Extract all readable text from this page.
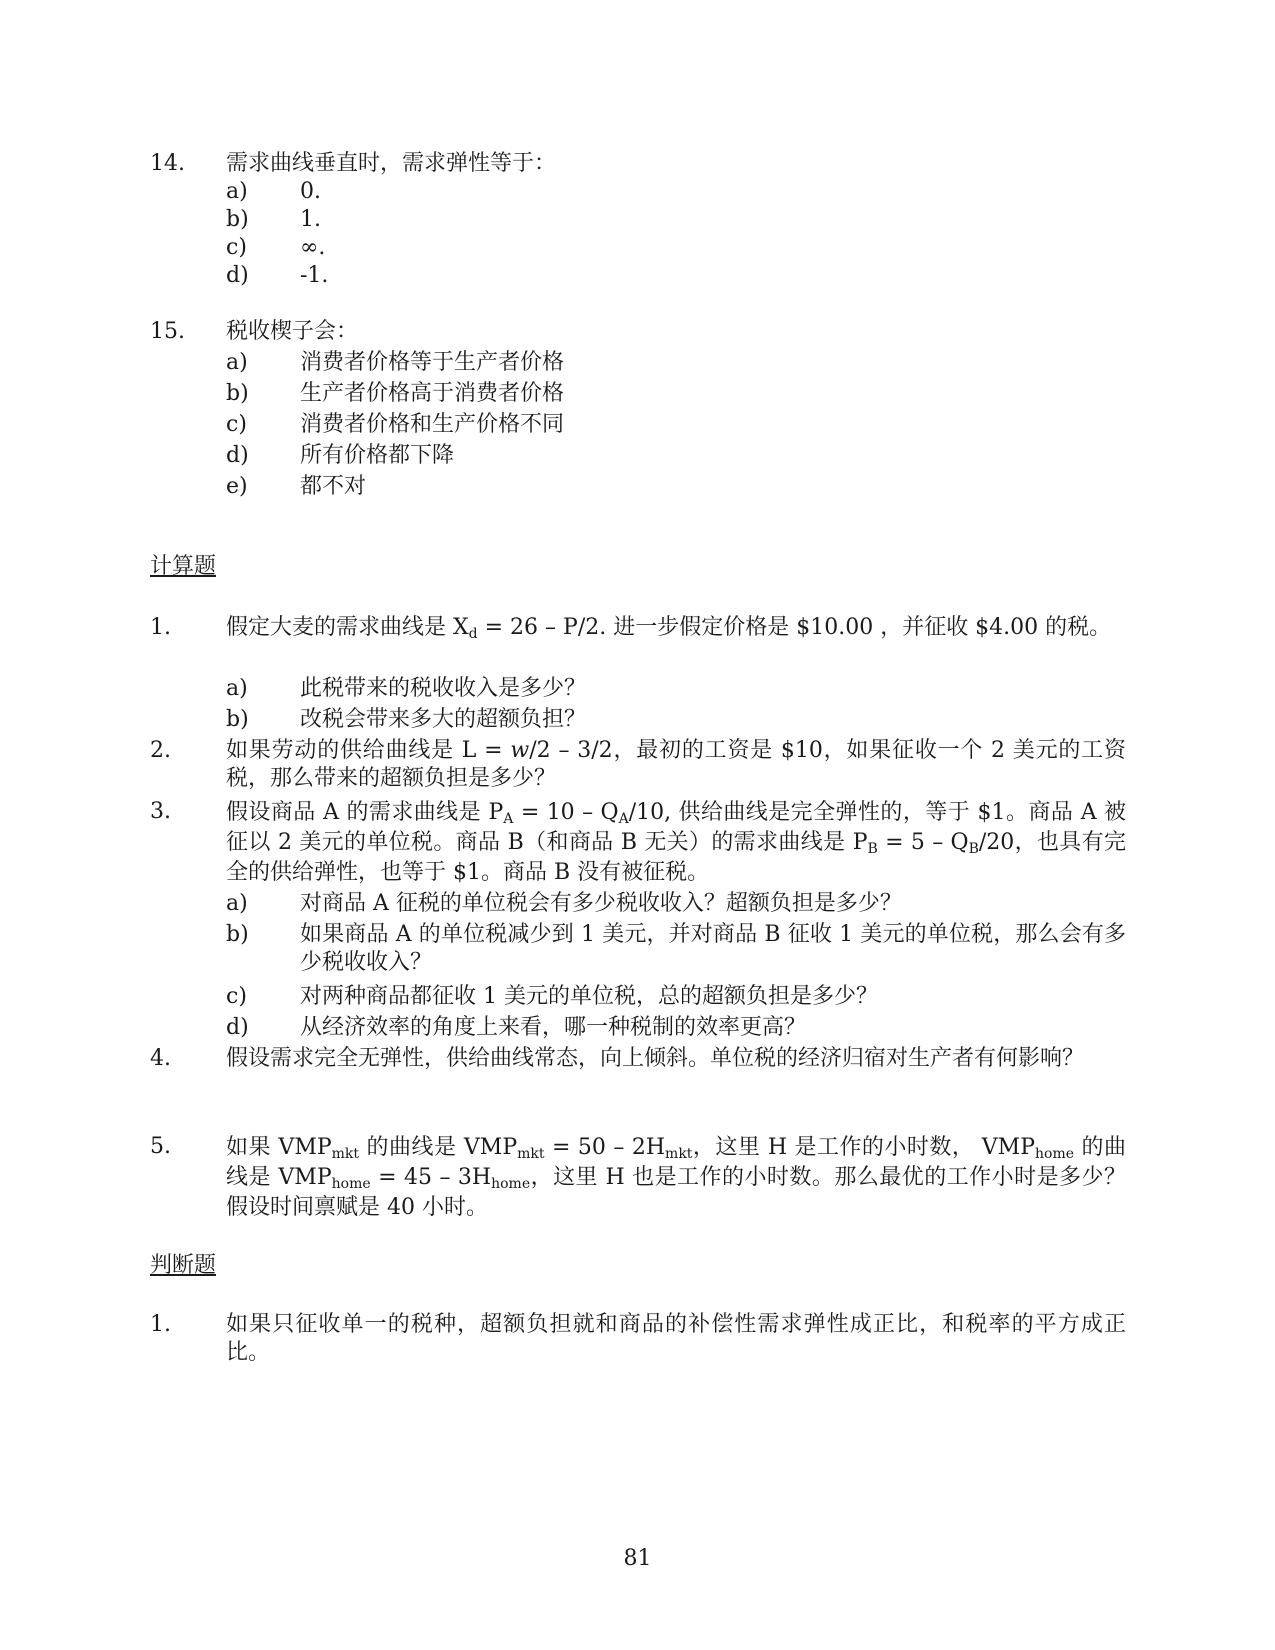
14. 需求曲线垂直时，需求弹性等于：
a) 0.
b) 1.
c) ∞.
d) -1.
15. 税收楔子会：
a) 消费者价格等于生产者价格
b) 生产者价格高于消费者价格
c) 消费者价格和生产价格不同
d) 所有价格都下降
e) 都不对
计算题
1.	假定大麦的需求曲线是 $X_d = 26 - P/2$. 进一步假定价格是 $10.00 ，并征收 $4.00 的税。
a) 此税带来的税收收入是多少？
b) 改税会带来多大的超额负担？
2.	如果劳动的供给曲线是 L = w/2 – 3/2，最初的工资是 $10，如果征收一个 2 美元的工资税，那么带来的超额负担是多少？
3.	假设商品 A 的需求曲线是 $P_A = 10 - Q_A/10$, 供给曲线是完全弹性的，等于 $1。商品 A 被征以 2 美元的单位税。商品 B（和商品 B 无关）的需求曲线是 $P_B = 5 - Q_B/20$，也具有完全的供给弹性，也等于 $1。商品 B 没有被征税。
a) 对商品 A 征税的单位税会有多少税收收入？超额负担是多少？
b) 如果商品 A 的单位税减少到 1 美元，并对商品 B 征收 1 美元的单位税，那么会有多少税收收入？
c) 对两种商品都征收 1 美元的单位税，总的超额负担是多少？
d) 从经济效率的角度上来看，哪一种税制的效率更高？
4.	假设需求完全无弹性，供给曲线常态，向上倾斜。单位税的经济归宿对生产者有何影响？
5.	如果 $VMP_{mkt}$ 的曲线是 $VMP_{mkt} = 50 - 2H_{mkt}$，这里 H 是工作的小时数， $VMP_{home}$ 的曲线是 $VMP_{home} = 45 - 3H_{home}$，这里 H 也是工作的小时数。那么最优的工作小时是多少？假设时间禀赋是 40 小时。
判断题
1.	如果只征收单一的税种，超额负担就和商品的补偿性需求弹性成正比，和税率的平方成正比。
81
